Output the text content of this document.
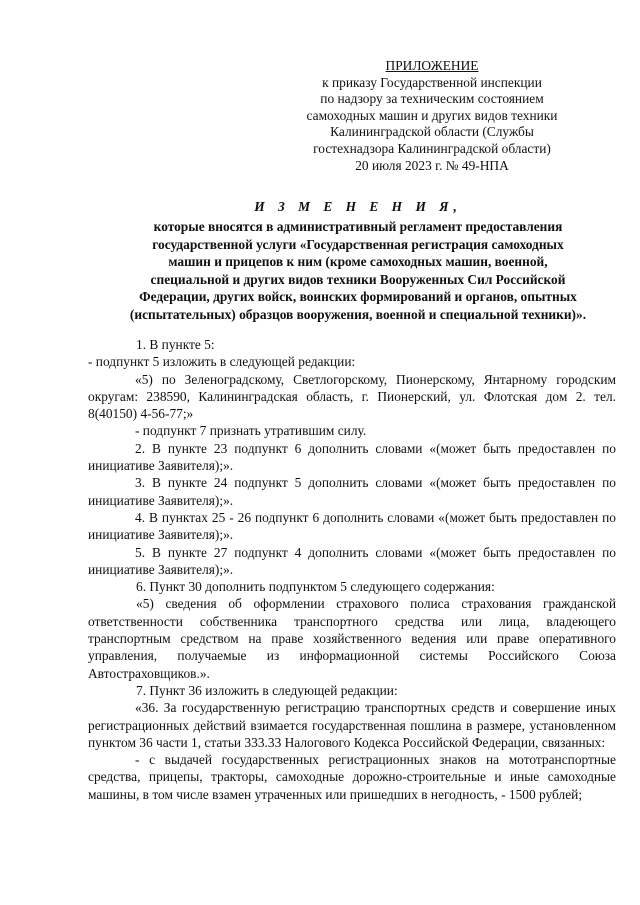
ПРИЛОЖЕНИЕ
к приказу Государственной инспекции
по надзору за техническим состоянием
самоходных машин и других видов техники
Калининградской области (Службы
гостехнадзора Калининградской области)
20 июля 2023 г. № 49-НПА
И З М Е Н Е Н И Я,
которые вносятся в административный регламент предоставления
государственной услуги «Государственная регистрация самоходных
машин и прицепов к ним (кроме самоходных машин, военной,
специальной и других видов техники Вооруженных Сил Российской
Федерации, других войск, воинских формирований и органов, опытных
(испытательных) образцов вооружения, военной и специальной техники)».

1. В пункте 5:

- подпункт 5 изложить в следующей редакции:

«5) по Зеленоградскому, Светлогорскому, Пионерскому, Янтарному городским округам: 238590, Калининградская область, г. Пионерский, ул. Флотская дом 2. тел. 8(40150) 4-56-77;»

- подпункт 7 признать утратившим силу.

2. В пункте 23 подпункт 6 дополнить словами «(может быть предоставлен по инициативе Заявителя);».

3. В пункте 24 подпункт 5 дополнить словами «(может быть предоставлен по инициативе Заявителя);».

4. В пунктах 25 - 26 подпункт 6 дополнить словами «(может быть предоставлен по инициативе Заявителя);».

5. В пункте 27 подпункт 4 дополнить словами «(может быть предоставлен по инициативе Заявителя);».

6. Пункт 30 дополнить подпунктом 5 следующего содержания:

«5) сведения об оформлении страхового полиса страхования гражданской ответственности собственника транспортного средства или лица, владеющего транспортным средством на праве хозяйственного ведения или праве оперативного управления, получаемые из информационной системы Российского Союза Автостраховщиков.».

7. Пункт 36 изложить в следующей редакции:

«36. За государственную регистрацию транспортных средств и совершение иных регистрационных действий взимается государственная пошлина в размере, установленном пунктом 36 части 1, статьи 333.33 Налогового Кодекса Российской Федерации, связанных:

- с выдачей государственных регистрационных знаков на мототранспортные средства, прицепы, тракторы, самоходные дорожно-строительные и иные самоходные машины, в том числе взамен утраченных или пришедших в негодность, - 1500 рублей;
